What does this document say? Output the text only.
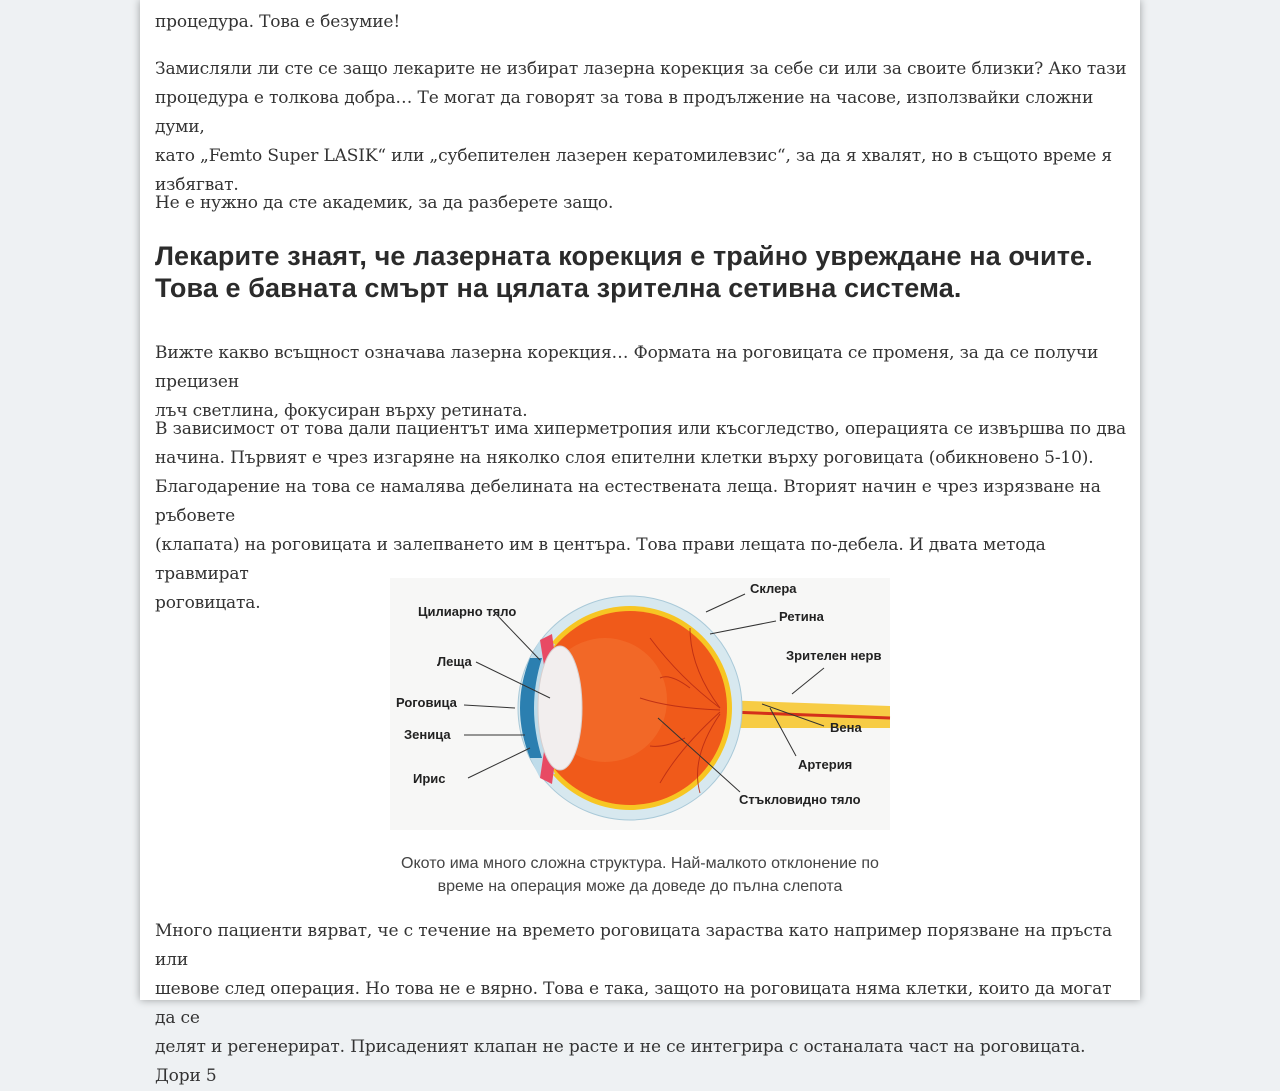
процедура. Това е безумие!

Замисляли ли сте се защо лекарите не избират лазерна корекция за себе си или за своите близки? Ако тази
процедура е толкова добра… Те могат да говорят за това в продължение на часове, използвайки сложни думи,
като „Femto Super LASIK“ или „субепителен лазерен кератомилевзис“, за да я хвалят, но в същото време я
избягват.

Не е нужно да сте академик, за да разберете защо.

Лекарите знаят, че лазерната корекция е трайно увреждане на очите.
Това е бавната смърт на цялата зрителна сетивна система.

Вижте какво всъщност означава лазерна корекция… Формата на роговицата се променя, за да се получи прецизен
лъч светлина, фокусиран върху ретината.

В зависимост от това дали пациентът има хиперметропия или късогледство, операцията се извършва по два
начина. Първият е чрез изгаряне на няколко слоя епителни клетки върху роговицата (обикновено 5-10).
Благодарение на това се намалява дебелината на естествената леща. Вторият начин е чрез изрязване на ръбовете
(клапата) на роговицата и залепването им в центъра. Това прави лещата по-дебела. И двата метода травмират
роговицата.

Много пациенти вярват, че с течение на времето роговицата зараства като например порязване на пръста или
шевове след операция. Но това не е вярно. Това е така, защото на роговицата няма клетки, които да могат да се
делят и регенерират. Присаденият клапан не расте и не се интегрира с останалата част на роговицата. Дори 5

Склера
Ретина
Зрителен нерв
Вена
Артерия
Стъкловидно тяло
Цилиарно тяло
Леща
Роговица
Зеница
Ирис
Окото има много сложна структура. Най-малкото отклонение по
време на операция може да доведе до пълна слепота
